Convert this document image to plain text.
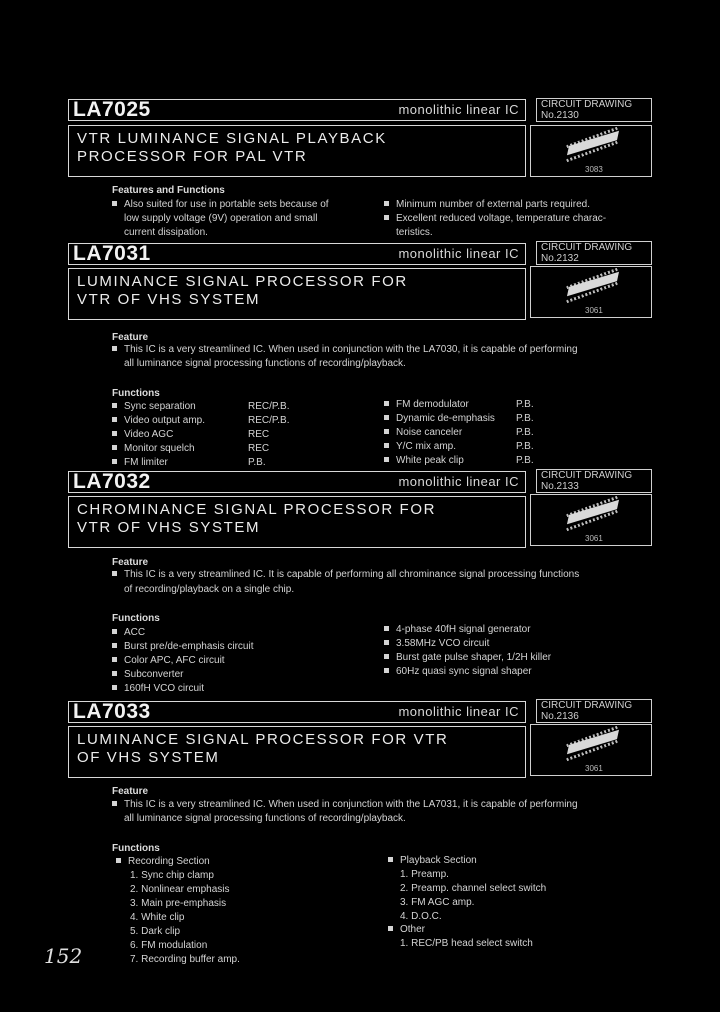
LA7025	monolithic linear IC CIRCUIT DRAWING
No.2130
VTR LUMINANCE SIGNAL PLAYBACK
PROCESSOR FOR PAL VTR
3083
Features and Functions
Also suited for use in portable sets because of
low supply voltage (9V) operation and small
current dissipation.
Minimum number of external parts required.
Excellent reduced voltage, temperature charac-
teristics.
LA7031	monolithic linear IC CIRCUIT DRAWING
No.2132
LUMINANCE SIGNAL PROCESSOR FOR
VTR OF VHS SYSTEM
3061
Feature
This IC is a very streamlined IC. When used in conjunction with the LA7030, it is capable of performing
all luminance signal processing functions of recording/playback.
Functions
Sync separation	REC/P.B.
Video output amp.	REC/P.B.
Video AGC	REC
Monitor squelch	REC
FM limiter	P.B.
FM demodulator	P.B.
Dynamic de-emphasis P.B.
Noise canceler	P.B.
Y/C mix amp.	P.B.
White peak clip	P.B.
LA7032	monolithic linear IC CIRCUIT DRAWING
No.2133
CHROMINANCE SIGNAL PROCESSOR FOR
VTR OF VHS SYSTEM
3061
Feature
This IC is a very streamlined IC. It is capable of performing all chrominance signal processing functions
of recording/playback on a single chip.
Functions
ACC
Burst pre/de-emphasis circuit
Color APC, AFC circuit
Subconverter
160fH VCO circuit
4-phase 40fH signal generator
3.58MHz VCO circuit
Burst gate pulse shaper, 1/2H killer
60Hz quasi sync signal shaper
LA7033	monolithic linear IC CIRCUIT DRAWING
No.2136
LUMINANCE SIGNAL PROCESSOR FOR VTR
OF VHS SYSTEM
3061
Feature
This IC is a very streamlined IC. When used in conjunction with the LA7031, it is capable of performing
all luminance signal processing functions of recording/playback.
Functions
Recording Section
1. Sync chip clamp
2. Nonlinear emphasis
3. Main pre-emphasis
4. White clip
5. Dark clip
6. FM modulation
7. Recording buffer amp.
Playback Section
1. Preamp.
2. Preamp. channel select switch
3. FM AGC amp.
4. D.O.C.
Other
1. REC/PB head select switch
152
